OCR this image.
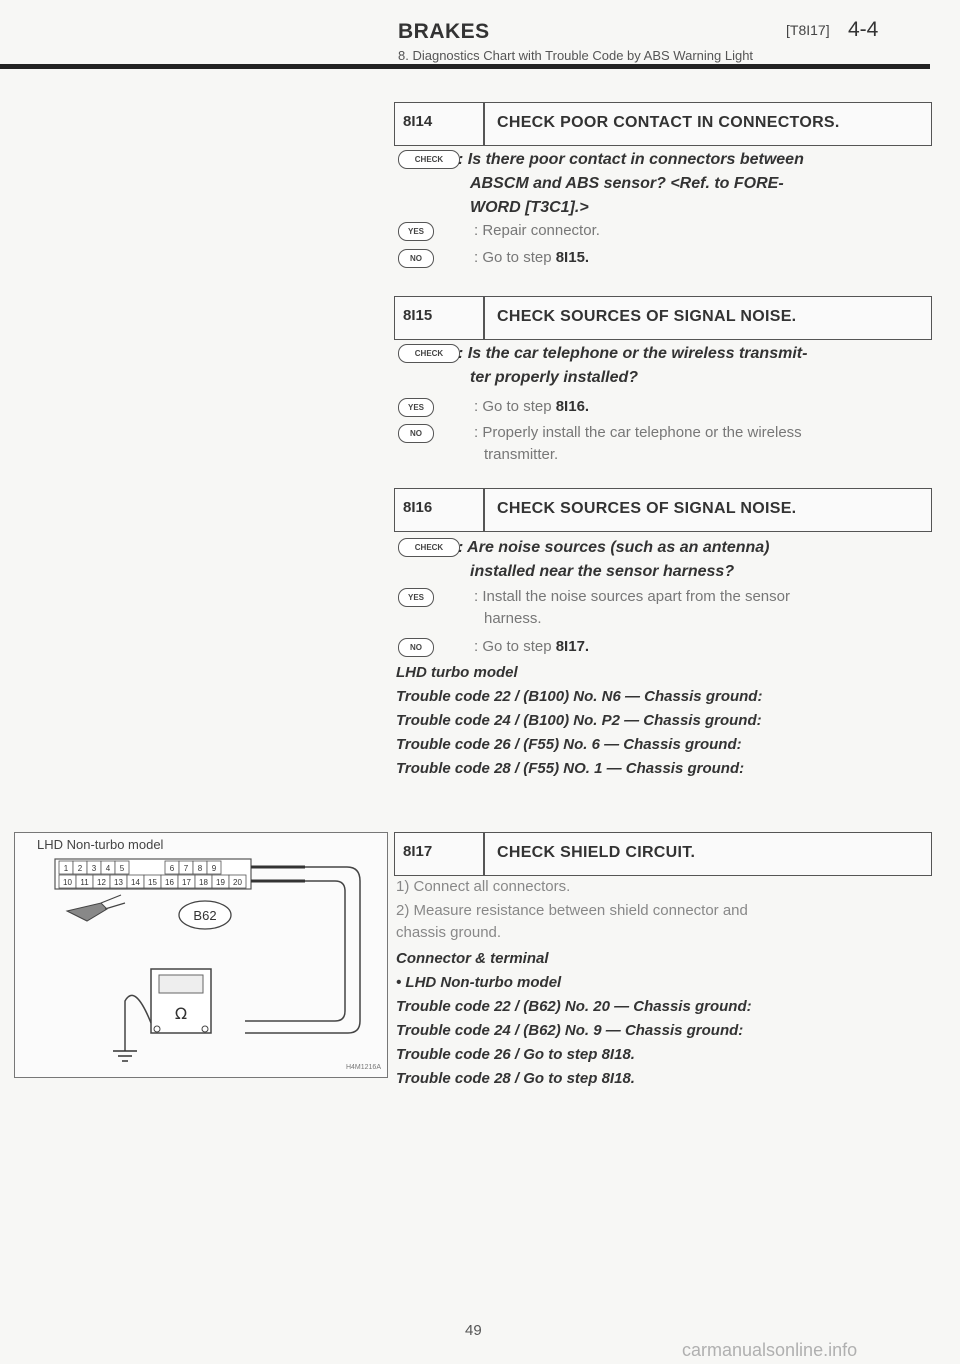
BRAKES	[T8I17] 4-4
8. Diagnostics Chart with Trouble Code by ABS Warning Light
8I14	CHECK POOR CONTACT IN CONNECTORS.
CHECK : Is there poor contact in connectors between
ABSCM and ABS sensor? <Ref. to FORE-
WORD [T3C1].>
YES	: Repair connector.
NO	: Go to step 8I15.
8I15	CHECK SOURCES OF SIGNAL NOISE.
CHECK : Is the car telephone or the wireless transmit-
ter properly installed?
YES	: Go to step 8I16.
NO	: Properly install the car telephone or the wireless
transmitter.
8I16	CHECK SOURCES OF SIGNAL NOISE.
CHECK : Are noise sources (such as an antenna)
installed near the sensor harness?
YES	: Install the noise sources apart from the sensor
harness.
NO	: Go to step 8I17.
LHD turbo model
Trouble code 22 / (B100) No. N6 — Chassis ground:
Trouble code 24 / (B100) No. P2 — Chassis ground:
Trouble code 26 / (F55) No. 6 — Chassis ground:
Trouble code 28 / (F55) NO. 1 — Chassis ground:
8I17	CHECK SHIELD CIRCUIT.
1) Connect all connectors.
2) Measure resistance between shield connector and
chassis ground.
Connector & terminal
• LHD Non-turbo model
Trouble code 22 / (B62) No. 20 — Chassis ground:
Trouble code 24 / (B62) No. 9 — Chassis ground:
Trouble code 26 / Go to step 8I18.
Trouble code 28 / Go to step 8I18.
LHD Non-turbo model
1 2 3 4 5	6 7 8 9
10 11 12 13 14 15 16 17 18 19 20
B62
Ω
H4M1216A
49
carmanualsonline.info
